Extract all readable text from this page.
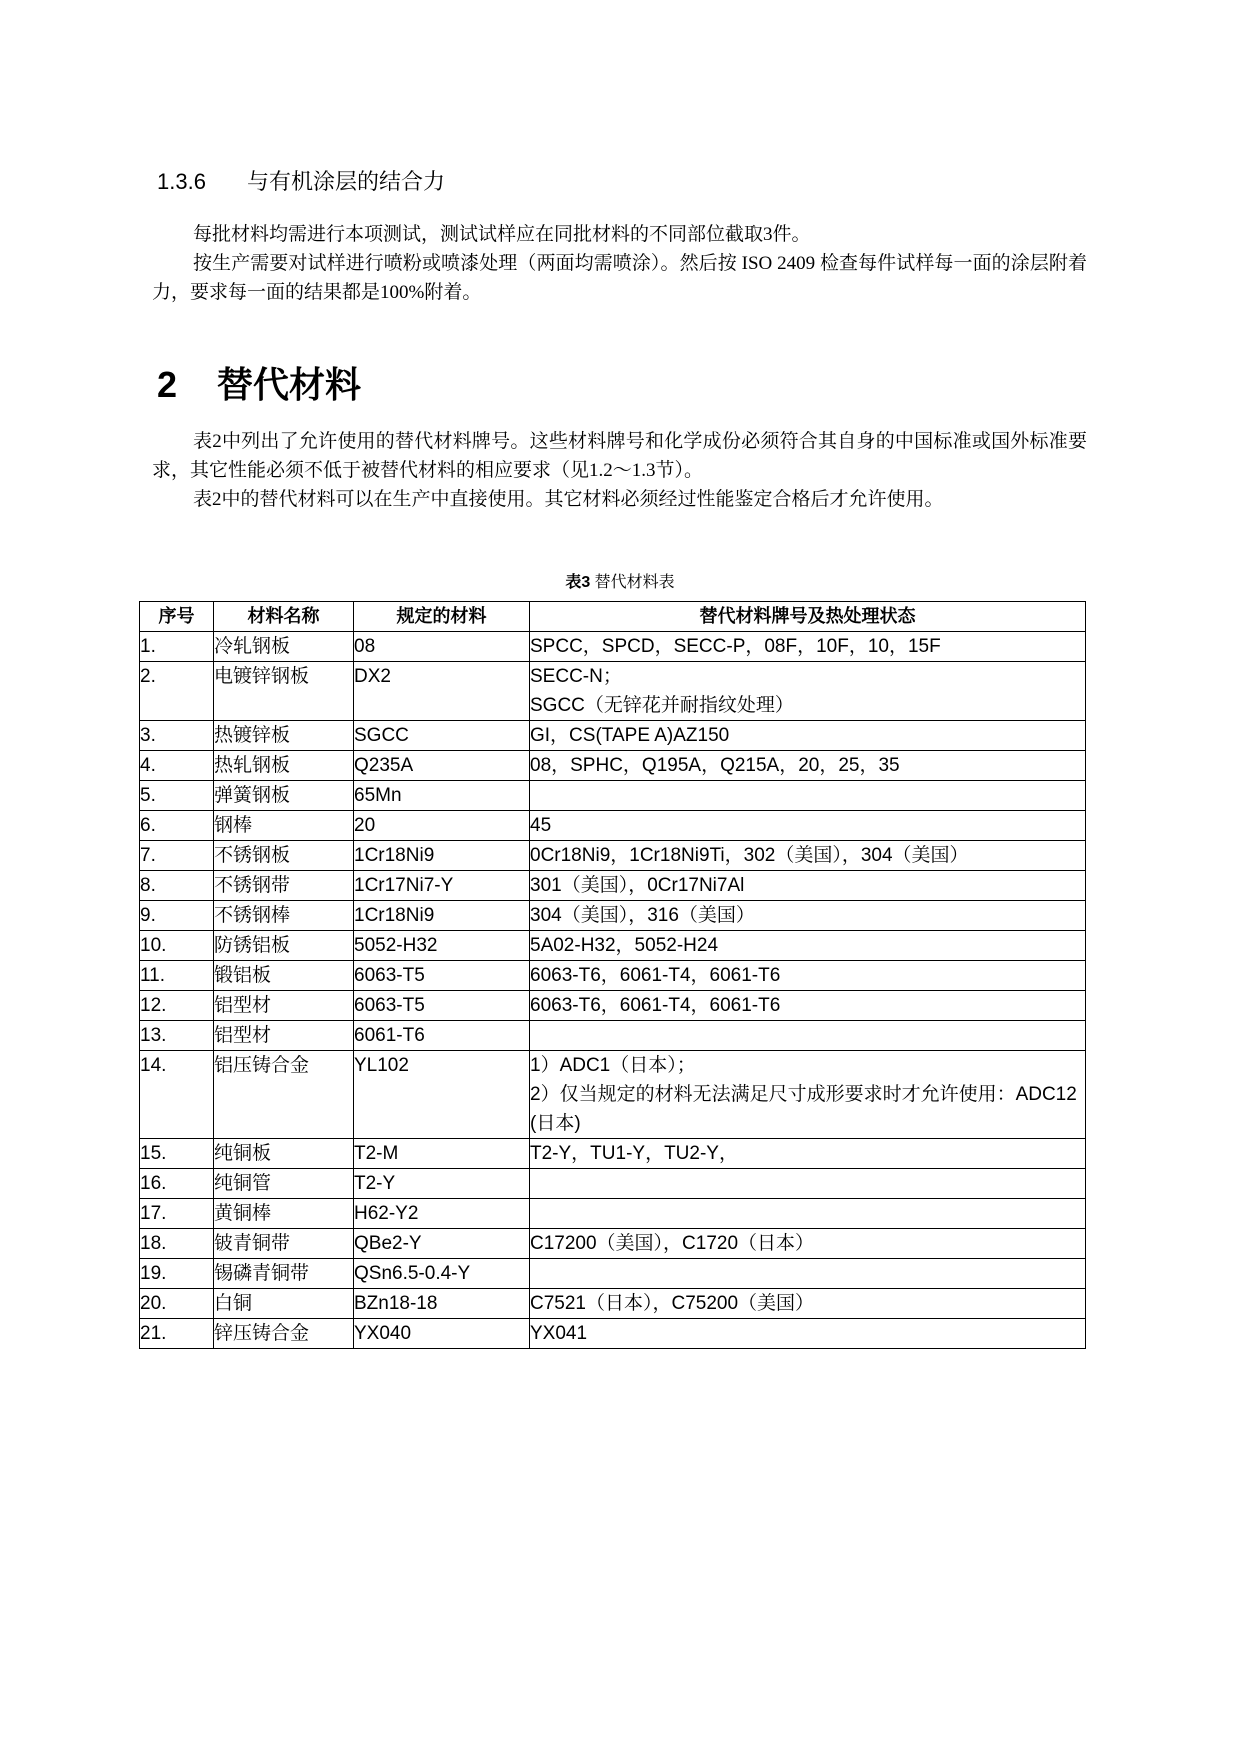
1.3.6 与有机涂层的结合力

每批材料均需进行本项测试，测试试样应在同批材料的不同部位截取3件。

按生产需要对试样进行喷粉或喷漆处理（两面均需喷涂）。然后按 ISO 2409 检查每件试样每一面的涂层附着力，要求每一面的结果都是100%附着。

2 替代材料

表2中列出了允许使用的替代材料牌号。这些材料牌号和化学成份必须符合其自身的中国标准或国外标准要求，其它性能必须不低于被替代材料的相应要求（见1.2～1.3节）。

表2中的替代材料可以在生产中直接使用。其它材料必须经过性能鉴定合格后才允许使用。

表3 替代材料表
序号	材料名称	规定的材料	替代材料牌号及热处理状态
1.	冷轧钢板	08	SPCC，SPCD，SECC-P，08F，10F，10，15F

2.	电镀锌钢板	DX2	SECC-N；
SGCC（无锌花并耐指纹处理）

3.	热镀锌板	SGCC	GI，CS(TAPE A)AZ150

4.	热轧钢板	Q235A	08，SPHC，Q195A，Q215A，20，25，35

5.	弹簧钢板	65Mn	

6.	钢棒	20	45

7.	不锈钢板	1Cr18Ni9	0Cr18Ni9，1Cr18Ni9Ti，302（美国），304（美国）

8.	不锈钢带	1Cr17Ni7-Y	301（美国），0Cr17Ni7Al

9.	不锈钢棒	1Cr18Ni9	304（美国），316（美国）

10.	防锈铝板	5052-H32	5A02-H32，5052-H24

11.	锻铝板	6063-T5	6063-T6，6061-T4，6061-T6

12.	铝型材	6063-T5	6063-T6，6061-T4，6061-T6

13.	铝型材	6061-T6	

14.	铝压铸合金	YL102	1）ADC1（日本）；
2）仅当规定的材料无法满足尺寸成形要求时才允许使用：ADC12 (日本)

15.	纯铜板	T2-M	T2-Y，TU1-Y，TU2-Y，

16.	纯铜管	T2-Y	

17.	黄铜棒	H62-Y2	

18.	铍青铜带	QBe2-Y	C17200（美国），C1720（日本）

19.	锡磷青铜带	QSn6.5-0.4-Y	

20.	白铜	BZn18-18	C7521（日本），C75200（美国）

21.	锌压铸合金	YX040	YX041
